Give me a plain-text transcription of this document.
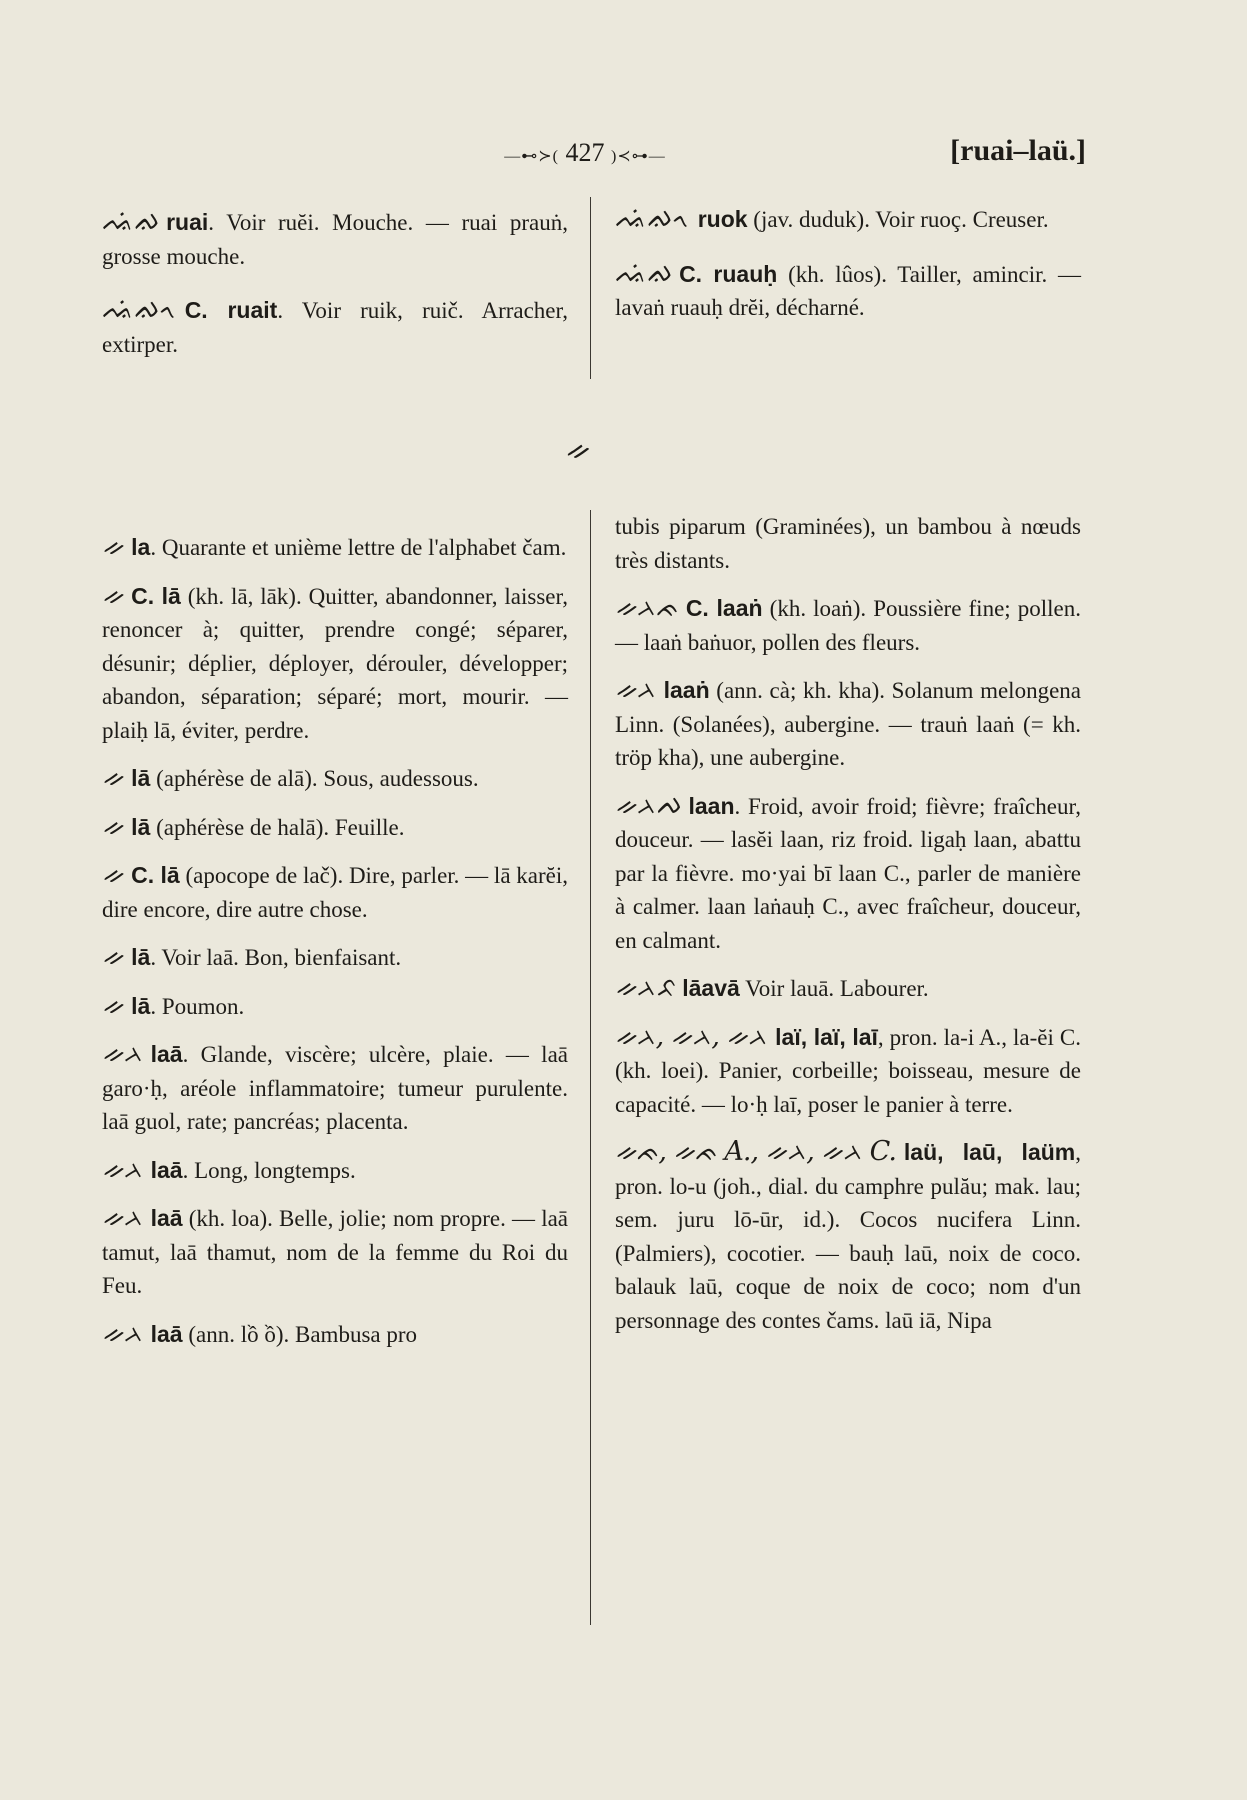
—⊷≻( 427 )≺⊶—	[ruai–laü.]
ᨕᨗᨁ ruai. Voir ruĕi. Mouche. — ruai prauṅ, grosse mouche.
ᨕᨗᨁᨚ C. ruait. Voir ruik, ruič. Arracher, extirper.
ᨕᨗᨁᨚ ruok (jav. duduk). Voir ruoç. Creuser.
ᨕᨗᨁ C. ruauḥ (kh. lûos). Tailler, amincir. — lavaṅ ruauḥ drĕi, décharné.
ᨀ
ᨀ la. Quarante et unième lettre de l'alphabet čam.
ᨀ C. lā (kh. lā, lāk). Quitter, abandonner, laisser, renoncer à; quitter, prendre congé; séparer, désunir; déplier, déployer, dérouler, développer; abandon, séparation; séparé; mort, mourir. — plaiḥ lā, éviter, perdre.
ᨀ lā (aphérèse de alā). Sous, audessous.
ᨀ lā (aphérèse de halā). Feuille.
ᨀ C. lā (apocope de lač). Dire, parler. — lā karĕi, dire encore, dire autre chose.
ᨀ lā. Voir laā. Bon, bienfaisant.
ᨀ lā. Poumon.
ᨀᨂ laā. Glande, viscère; ulcère, plaie. — laā garo·ḥ, aréole inflammatoire; tumeur purulente. laā guol, rate; pancréas; placenta.
ᨀᨂ laā. Long, longtemps.
ᨀᨂ laā (kh. loa). Belle, jolie; nom propre. — laā tamut, laā thamut, nom de la femme du Roi du Feu.
ᨀᨂ laā (ann. lồ ồ). Bambusa pro
tubis piparum (Graminées), un bambou à nœuds très distants.
ᨀᨂᨃ C. laaṅ (kh. loaṅ). Poussière fine; pollen. — laaṅ baṅuor, pollen des fleurs.
ᨀᨂ laaṅ (ann. cà; kh. kha). Solanum melongena Linn. (Solanées), aubergine. — trauṅ laaṅ (= kh. tröp kha), une aubergine.
ᨀᨂᨄ laan. Froid, avoir froid; fièvre; fraîcheur, douceur. — lasĕi laan, riz froid. ligaḥ laan, abattu par la fièvre. mo·yai bī laan C., parler de manière à calmer. laan laṅauḥ C., avec fraîcheur, douceur, en calmant.
ᨀᨂᨅ lāavā Voir lauā. Labourer.
ᨀᨂ, ᨀᨂ, ᨀᨂ laï, laï, laī, pron. la-i A., la-ĕi C. (kh. loei). Panier, corbeille; boisseau, mesure de capacité. — lo·ḥ laī, poser le panier à terre.
ᨀᨃ, ᨀᨃ A., ᨀᨂ, ᨀᨂ C. laü, laū, laüm, pron. lo-u (joh., dial. du camphre pulău; mak. lau; sem. juru lō-ūr, id.). Cocos nucifera Linn. (Palmiers), cocotier. — bauḥ laū, noix de coco. balauk laū, coque de noix de coco; nom d'un personnage des contes čams. laū iā, Nipa
